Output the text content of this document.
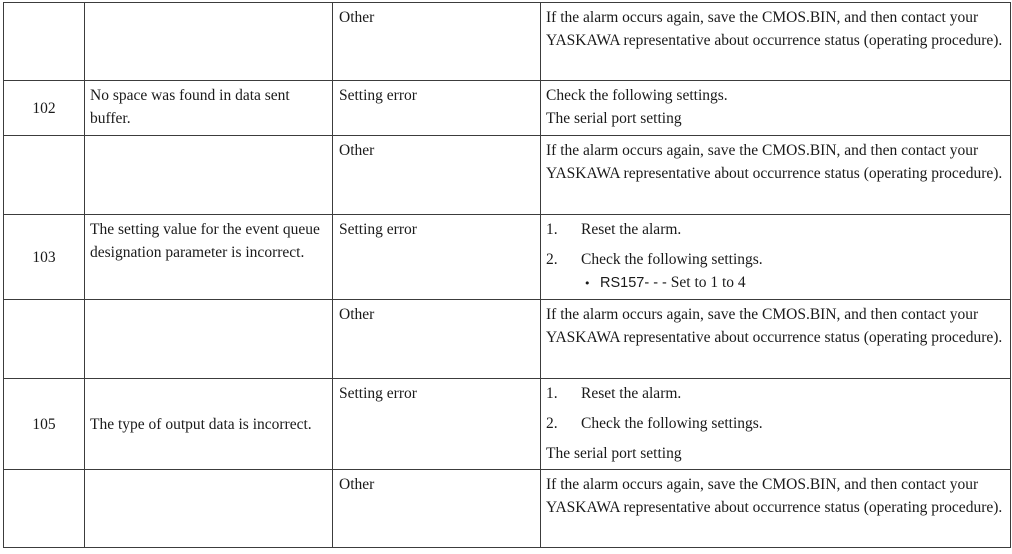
		Other	If the alarm occurs again, save the CMOS.BIN, and then contact your YASKAWA representative about occurrence status (operating procedure).
102	No space was found in data sent buffer.	Setting error	Check the following settings.
The serial port setting

		Other	If the alarm occurs again, save the CMOS.BIN, and then contact your YASKAWA representative about occurrence status (operating procedure).
103	The setting value for the event queue designation parameter is incorrect.	Setting error	1. Reset the alarm.
2. Check the following settings.
• RS157- - - Set to 1 to 4

		Other	If the alarm occurs again, save the CMOS.BIN, and then contact your YASKAWA representative about occurrence status (operating procedure).
105	The type of output data is incorrect.	Setting error	1. Reset the alarm.
2. Check the following settings.
The serial port setting

		Other	If the alarm occurs again, save the CMOS.BIN, and then contact your YASKAWA representative about occurrence status (operating procedure).
